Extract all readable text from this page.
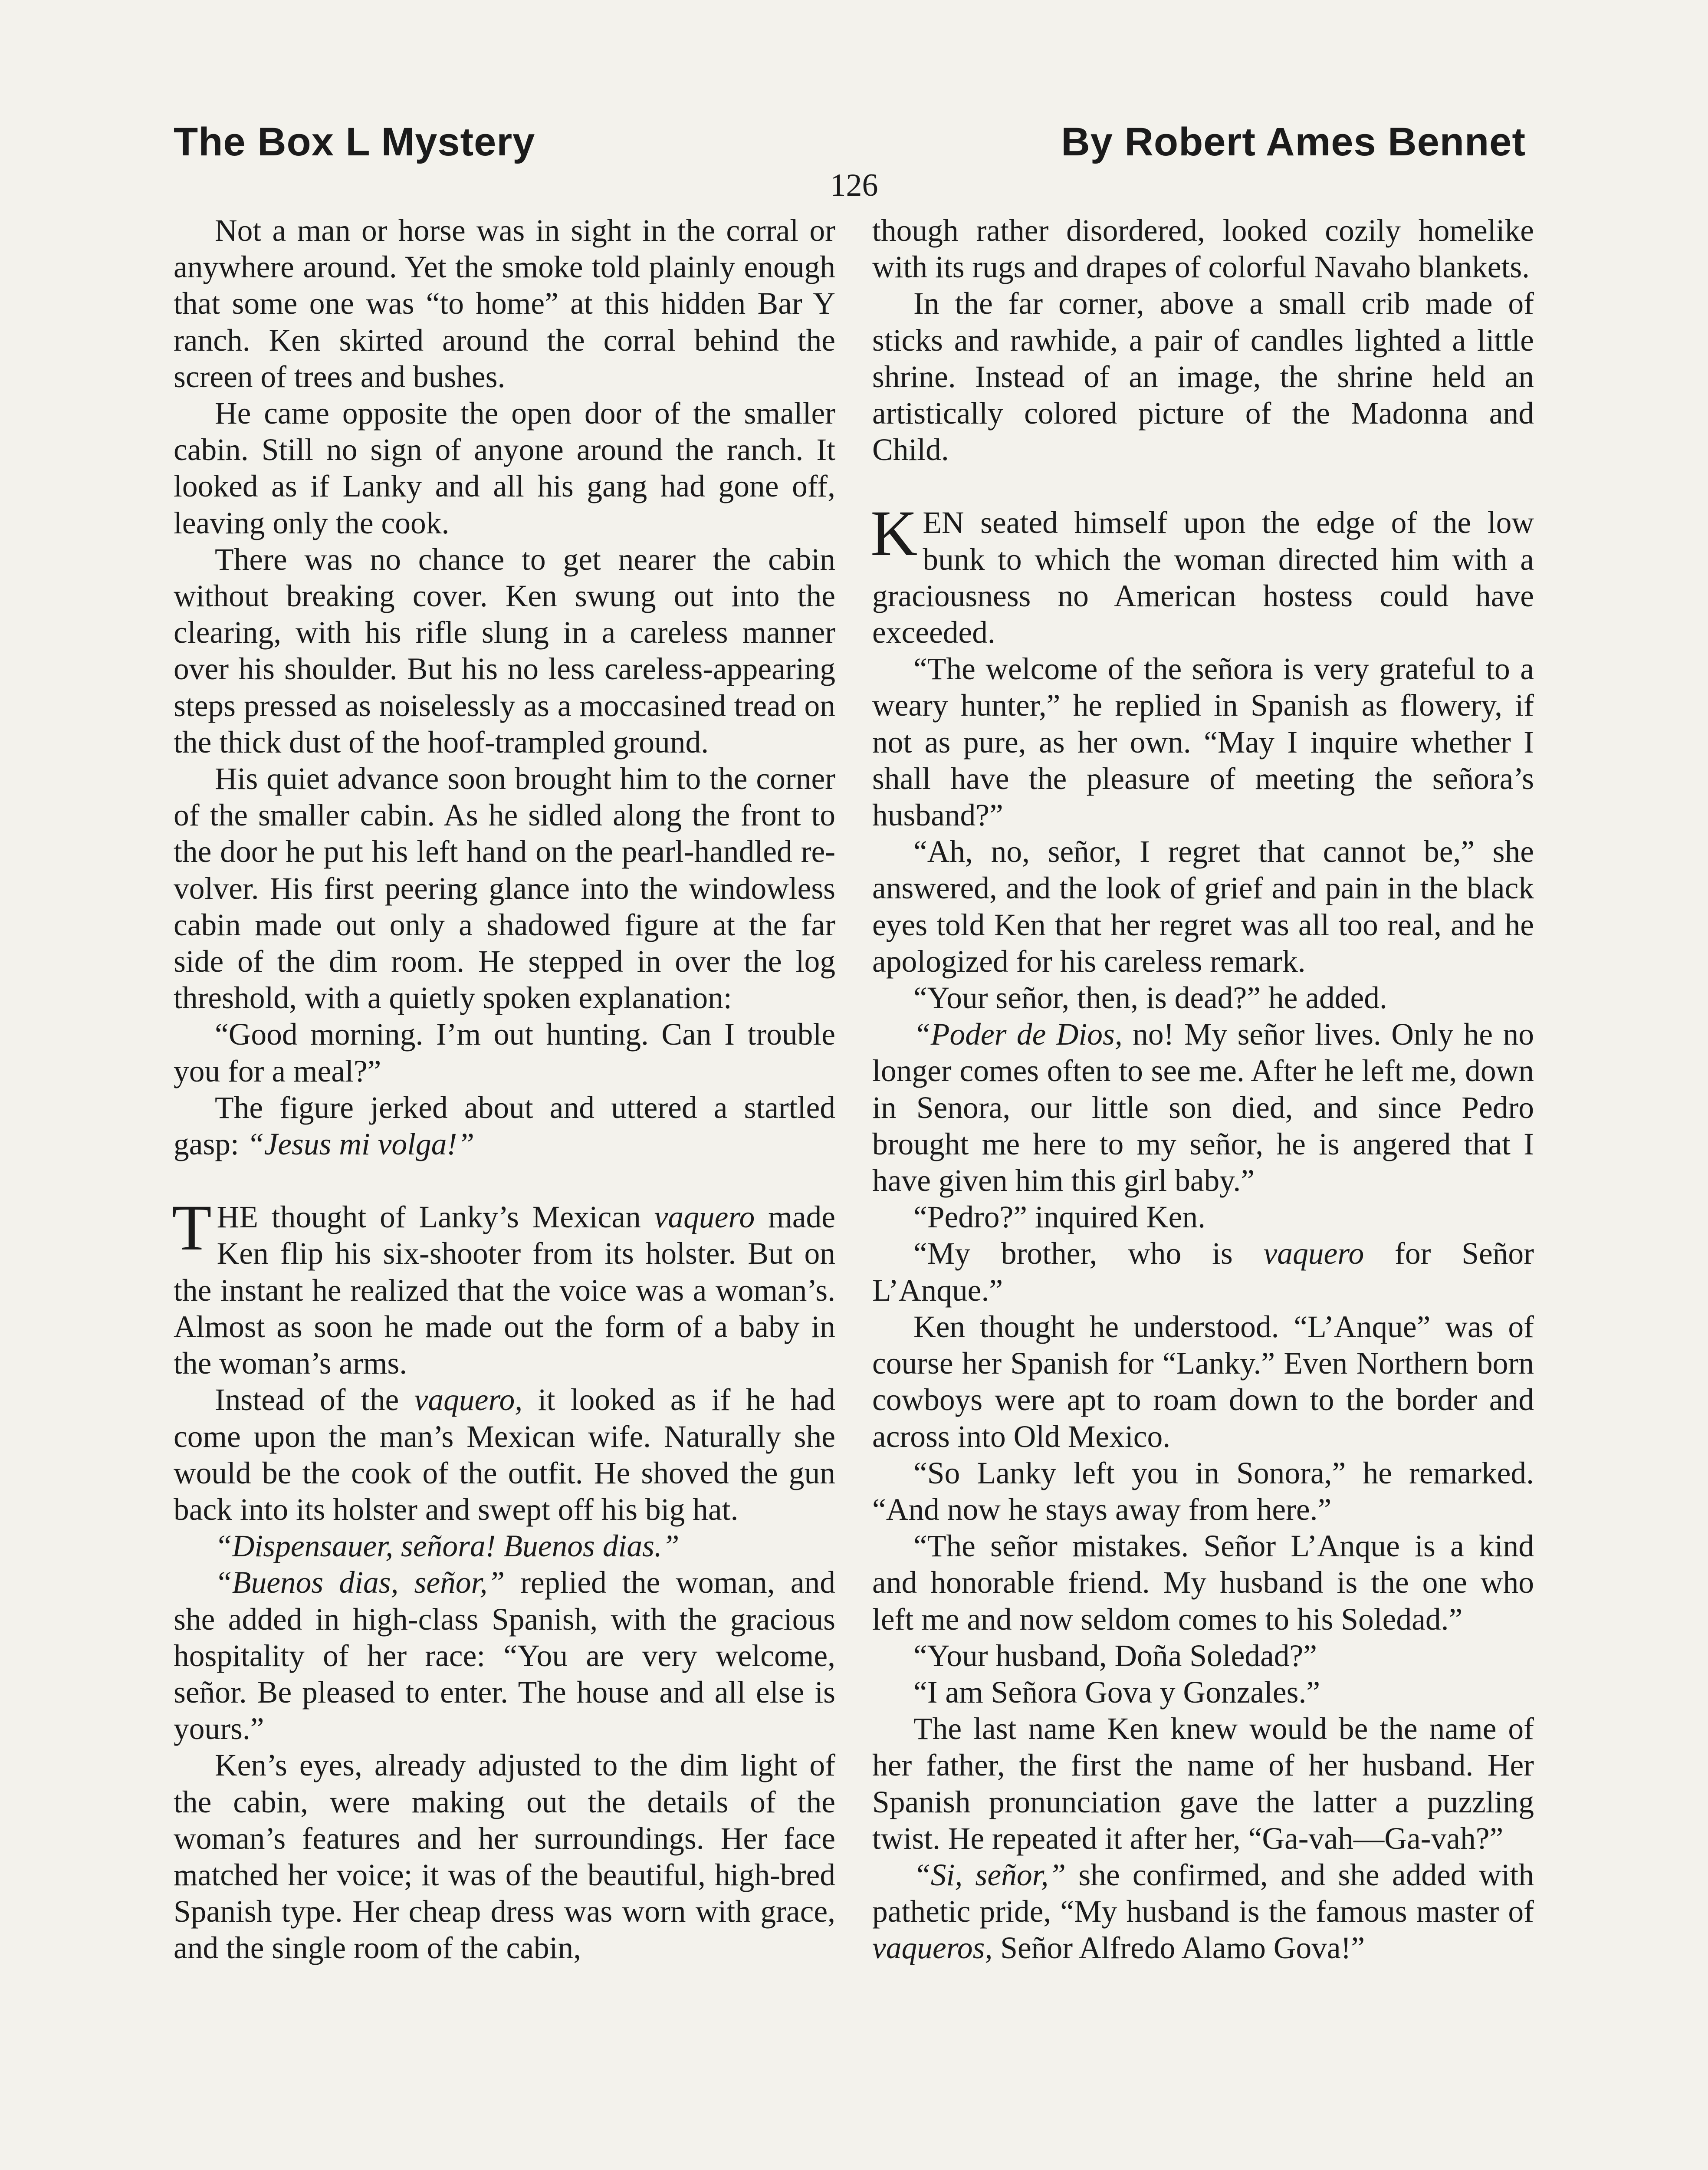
The Box L Mystery	By Robert Ames Bennet
126

Not a man or horse was in sight in the corral or anywhere around. Yet the smoke told plainly enough that some one was “to home” at this hidden Bar Y ranch. Ken skirted around the corral behind the screen of trees and bushes.

He came opposite the open door of the smaller cabin. Still no sign of anyone around the ranch. It looked as if Lanky and all his gang had gone off, leaving only the cook.

There was no chance to get nearer the cabin without breaking cover. Ken swung out into the clearing, with his rifle slung in a careless manner over his shoulder. But his no less careless-appearing steps pressed as noiselessly as a moccasined tread on the thick dust of the hoof-trampled ground.

His quiet advance soon brought him to the corner of the smaller cabin. As he sidled along the front to the door he put his left hand on the pearl-handled revolver. His first peering glance into the windowless cabin made out only a shadowed figure at the far side of the dim room. He stepped in over the log threshold, with a quietly spoken explanation:

“Good morning. I’m out hunting. Can I trouble you for a meal?”

The figure jerked about and uttered a startled gasp: “Jesus mi volga!”

THE thought of Lanky’s Mexican vaquero made Ken flip his six-shooter from its holster. But on the instant he realized that the voice was a woman’s. Almost as soon he made out the form of a baby in the woman’s arms.

Instead of the vaquero, it looked as if he had come upon the man’s Mexican wife. Naturally she would be the cook of the outfit. He shoved the gun back into its holster and swept off his big hat.

“Dispensauer, señora! Buenos dias.”

“Buenos dias, señor,” replied the woman, and she added in high-class Spanish, with the gracious hospitality of her race: “You are very welcome, señor. Be pleased to enter. The house and all else is yours.”

Ken’s eyes, already adjusted to the dim light of the cabin, were making out the details of the woman’s features and her surroundings. Her face matched her voice; it was of the beautiful, high-bred Spanish type. Her cheap dress was worn with grace, and the single room of the cabin,

though rather disordered, looked cozily homelike with its rugs and drapes of colorful Navaho blankets.

In the far corner, above a small crib made of sticks and rawhide, a pair of candles lighted a little shrine. Instead of an image, the shrine held an artistically colored picture of the Madonna and Child.

KEN seated himself upon the edge of the low bunk to which the woman directed him with a graciousness no American hostess could have exceeded.

“The welcome of the señora is very grateful to a weary hunter,” he replied in Spanish as flowery, if not as pure, as her own. “May I inquire whether I shall have the pleasure of meeting the señora’s husband?”

“Ah, no, señor, I regret that cannot be,” she answered, and the look of grief and pain in the black eyes told Ken that her regret was all too real, and he apologized for his careless remark.

“Your señor, then, is dead?” he added.

“Poder de Dios, no! My señor lives. Only he no longer comes often to see me. After he left me, down in Senora, our little son died, and since Pedro brought me here to my señor, he is angered that I have given him this girl baby.”

“Pedro?” inquired Ken.

“My brother, who is vaquero for Señor L’Anque.”

Ken thought he understood. “L’Anque” was of course her Spanish for “Lanky.” Even Northern born cowboys were apt to roam down to the border and across into Old Mexico.

“So Lanky left you in Sonora,” he remarked. “And now he stays away from here.”

“The señor mistakes. Señor L’Anque is a kind and honorable friend. My husband is the one who left me and now seldom comes to his Soledad.”

“Your husband, Doña Soledad?”

“I am Señora Gova y Gonzales.”

The last name Ken knew would be the name of her father, the first the name of her husband. Her Spanish pronunciation gave the latter a puzzling twist. He repeated it after her, “Ga-vah—Ga-vah?”

“Si, señor,” she confirmed, and she added with pathetic pride, “My husband is the famous master of vaqueros, Señor Alfredo Alamo Gova!”
